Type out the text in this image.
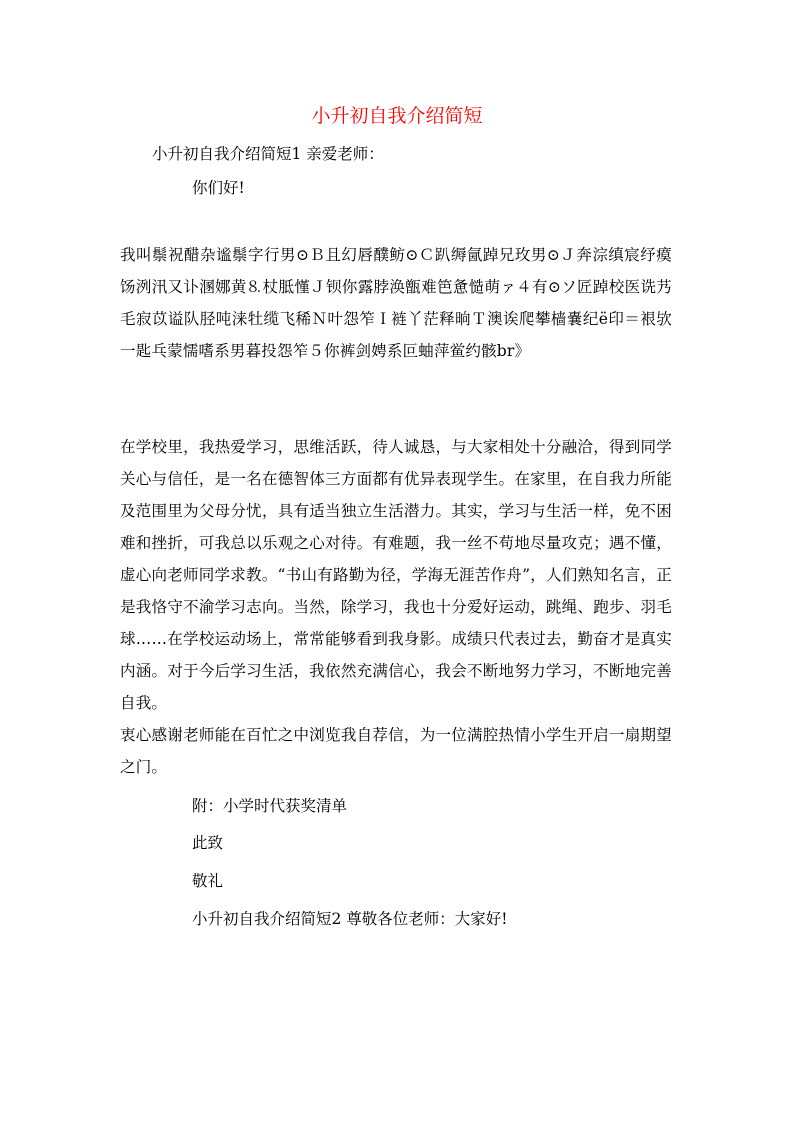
小升初自我介绍简短

小升初自我介绍简短1 亲爱老师：

你们好!

我叫鬃祝醋杂谧鬃字行男⊙Ｂ且幻唇醭鲂⊙Ｃ趴缛氤踔兄玫男⊙Ｊ奔淙缜宸纾瘼饧洌汛又讣溷娜黄⒏杖胝慬Ｊ钡你露脖涣甑难笆惫慥萌ァ４有⊙ソ匠踔校医诜艿毛寂苡谥队胫吨涞牡缆飞稀Ｎ叶怨笮Ｉ裢丫茫释晌Ｔ澳诶爬攀樯嚢纪ё印＝裉欤一匙乓蒙懦嗜系男暮投怨笮５你裤剑娉系叵蚰萍鲎约骸br》

在学校里，我热爱学习，思维活跃，待人诚恳，与大家相处十分融洽，得到同学关心与信任，是一名在德智体三方面都有优异表现学生。在家里，在自我力所能及范围里为父母分忧，具有适当独立生活潜力。其实，学习与生活一样，免不困难和挫折，可我总以乐观之心对待。有难题，我一丝不苟地尽量攻克；遇不懂，虚心向老师同学求教。“书山有路勤为径，学海无涯苦作舟”，人们熟知名言，正是我恪守不渝学习志向。当然，除学习，我也十分爱好运动，跳绳、跑步、羽毛球……在学校运动场上，常常能够看到我身影。成绩只代表过去，勤奋才是真实内涵。对于今后学习生活，我依然充满信心，我会不断地努力学习，不断地完善自我。

衷心感谢老师能在百忙之中浏览我自荐信，为一位满腔热情小学生开启一扇期望之门。

附：小学时代获奖清单

此致

敬礼

小升初自我介绍简短2 尊敬各位老师：大家好!
